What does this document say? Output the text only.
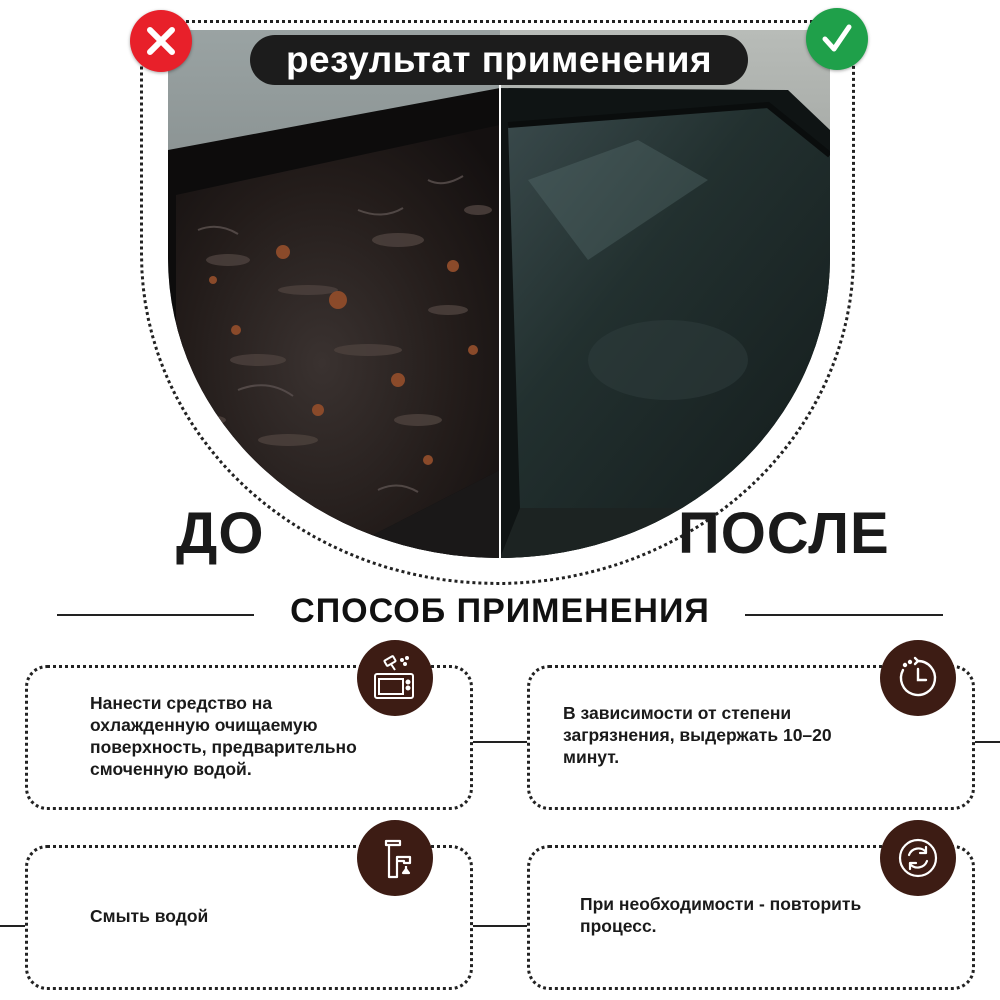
результат применения
ДО	ПОСЛЕ
СПОСОБ ПРИМЕНЕНИЯ
Нанести средство на охлажденную очищаемую поверхность, предварительно смоченную водой.
В зависимости от степени загрязнения, выдержать 10–20 минут.
Смыть водой
При необходимости - повторить процесс.
